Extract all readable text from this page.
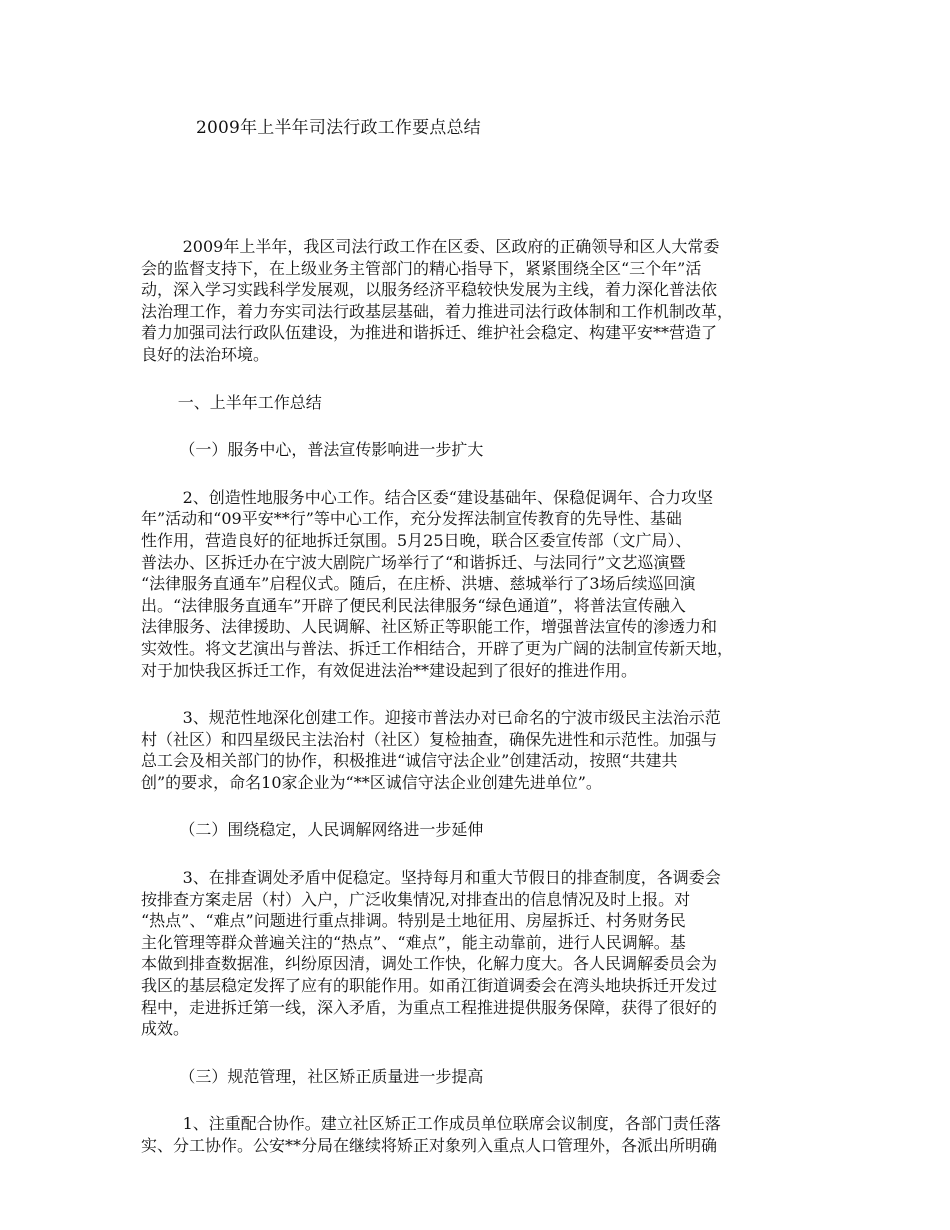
2009年上半年司法行政工作要点总结
2009年上半年，我区司法行政工作在区委、区政府的正确领导和区人大常委
会的监督支持下，在上级业务主管部门的精心指导下，紧紧围绕全区“三个年”活
动，深入学习实践科学发展观，以服务经济平稳较快发展为主线，着力深化普法依
法治理工作，着力夯实司法行政基层基础，着力推进司法行政体制和工作机制改革，
着力加强司法行政队伍建设，为推进和谐拆迁、维护社会稳定、构建平安**营造了
良好的法治环境。
一、上半年工作总结
（一）服务中心，普法宣传影响进一步扩大
2、创造性地服务中心工作。结合区委“建设基础年、保稳促调年、合力攻坚
年”活动和“09平安**行”等中心工作，充分发挥法制宣传教育的先导性、基础
性作用，营造良好的征地拆迁氛围。5月25日晚，联合区委宣传部（文广局）、
普法办、区拆迁办在宁波大剧院广场举行了“和谐拆迁、与法同行”文艺巡演暨
“法律服务直通车”启程仪式。随后，在庄桥、洪塘、慈城举行了3场后续巡回演
出。“法律服务直通车”开辟了便民利民法律服务“绿色通道”，将普法宣传融入
法律服务、法律援助、人民调解、社区矫正等职能工作，增强普法宣传的渗透力和
实效性。将文艺演出与普法、拆迁工作相结合，开辟了更为广阔的法制宣传新天地，
对于加快我区拆迁工作，有效促进法治**建设起到了很好的推进作用。
3、规范性地深化创建工作。迎接市普法办对已命名的宁波市级民主法治示范
村（社区）和四星级民主法治村（社区）复检抽查，确保先进性和示范性。加强与
总工会及相关部门的协作，积极推进“诚信守法企业”创建活动，按照“共建共
创”的要求，命名10家企业为“**区诚信守法企业创建先进单位”。
（二）围绕稳定，人民调解网络进一步延伸
3、在排查调处矛盾中促稳定。坚持每月和重大节假日的排查制度，各调委会
按排查方案走居（村）入户，广泛收集情况,对排查出的信息情况及时上报。对
“热点”、“难点”问题进行重点排调。特别是土地征用、房屋拆迁、村务财务民
主化管理等群众普遍关注的“热点”、“难点”，能主动靠前，进行人民调解。基
本做到排查数据准，纠纷原因清，调处工作快，化解力度大。各人民调解委员会为
我区的基层稳定发挥了应有的职能作用。如甬江街道调委会在湾头地块拆迁开发过
程中，走进拆迁第一线，深入矛盾，为重点工程推进提供服务保障，获得了很好的
成效。
（三）规范管理，社区矫正质量进一步提高
1、注重配合协作。建立社区矫正工作成员单位联席会议制度，各部门责任落
实、分工协作。公安**分局在继续将矫正对象列入重点人口管理外，各派出所明确
